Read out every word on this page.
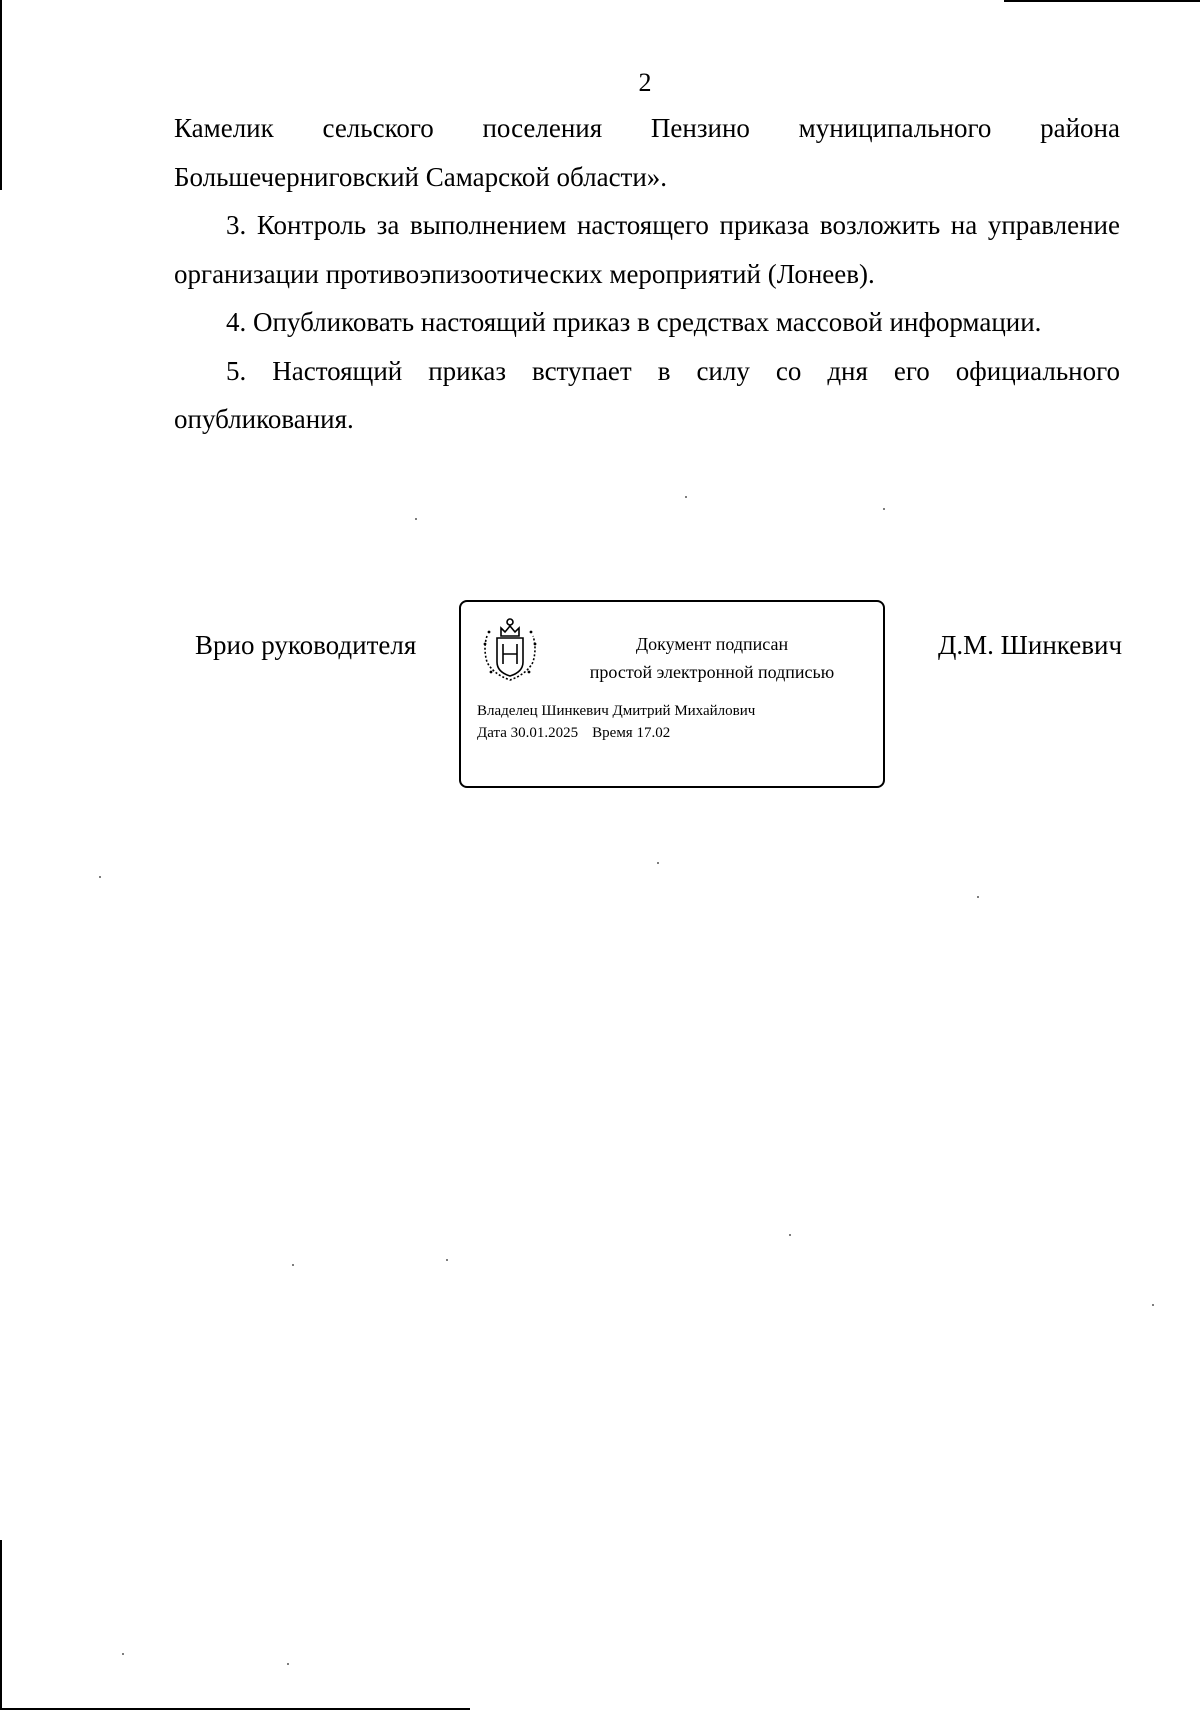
2

Камелик сельского поселения Пензино муниципального района Большечерниговский Самарской области».

3. Контроль за выполнением настоящего приказа возложить на управление организации противоэпизоотических мероприятий (Лонеев).

4. Опубликовать настоящий приказ в средствах массовой информации.

5. Настоящий приказ вступает в силу со дня его официального опубликования.

Врио руководителя	Документ подписан
простой электронной подписью
Владелец Шинкевич Дмитрий Михайлович
Дата 30.01.2025 Время 17.02
Д.М. Шинкевич
